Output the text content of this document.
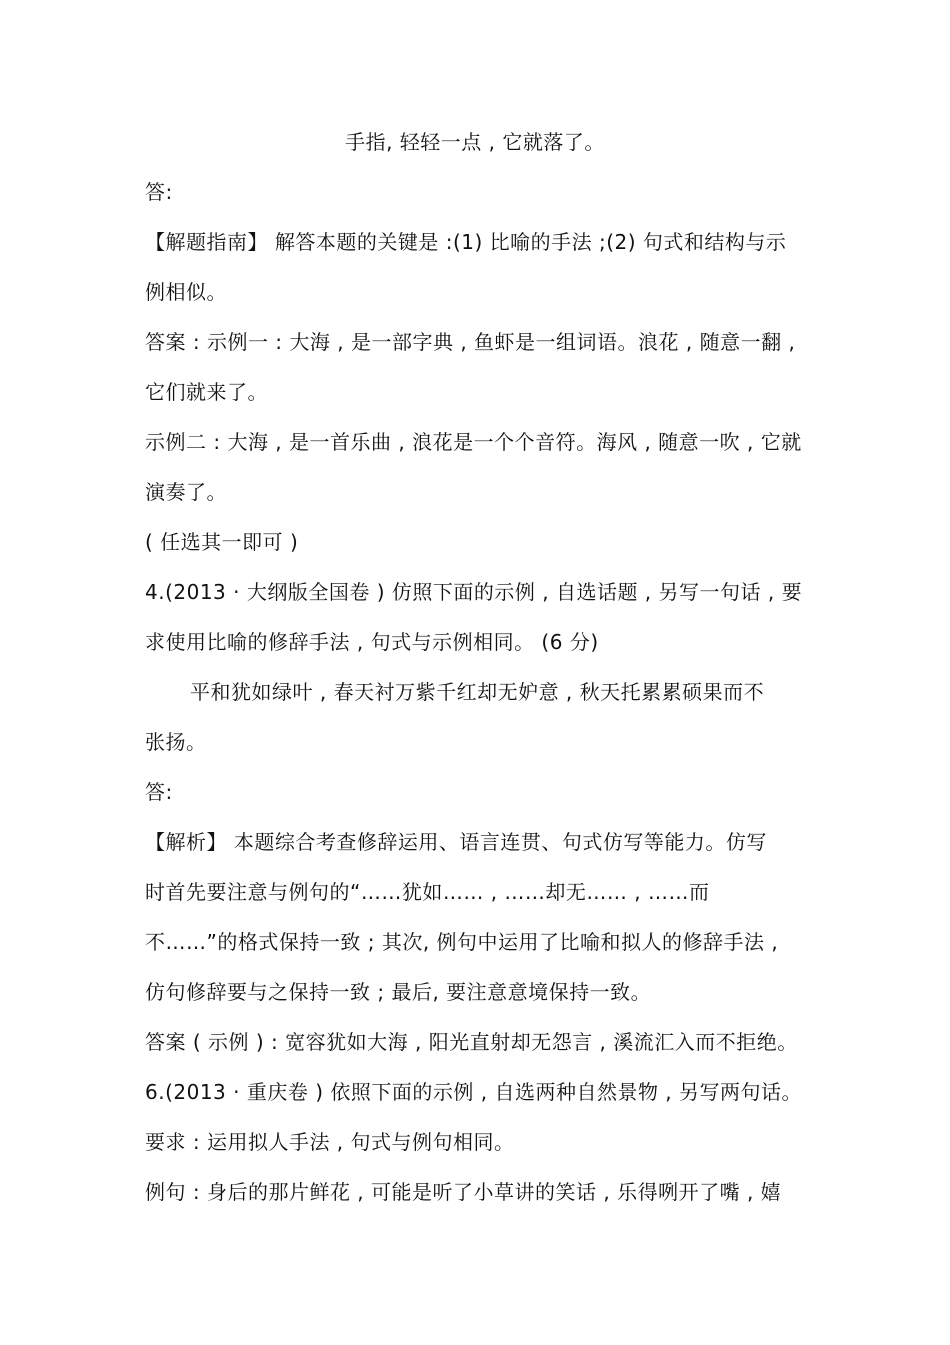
手指, 轻轻一点 , 它就落了。
答:
【解题指南】 解答本题的关键是 :(1) 比喻的手法 ;(2) 句式和结构与示
例相似。
答案 : 示例一 : 大海 , 是一部字典 , 鱼虾是一组词语。浪花 , 随意一翻 ,
它们就来了。
示例二 : 大海 , 是一首乐曲 , 浪花是一个个音符。海风 , 随意一吹 , 它就
演奏了。
( 任选其一即可 )
4.(2013 · 大纲版全国卷 ) 仿照下面的示例 , 自选话题 , 另写一句话 , 要
求使用比喻的修辞手法 , 句式与示例相同。 (6 分)
平和犹如绿叶 , 春天衬万紫千红却无妒意 , 秋天托累累硕果而不
张扬。
答:
【解析】 本题综合考查修辞运用、语言连贯、句式仿写等能力。仿写
时首先要注意与例句的“……犹如…… , ……却无…… , ……而
不……”的格式保持一致 ; 其次, 例句中运用了比喻和拟人的修辞手法 ,
仿句修辞要与之保持一致 ; 最后, 要注意意境保持一致。
答案 ( 示例 ) : 宽容犹如大海 , 阳光直射却无怨言 , 溪流汇入而不拒绝。
6.(2013 · 重庆卷 ) 依照下面的示例 , 自选两种自然景物 , 另写两句话。
要求 : 运用拟人手法 , 句式与例句相同。
例句 : 身后的那片鲜花 , 可能是听了小草讲的笑话 , 乐得咧开了嘴 , 嬉
